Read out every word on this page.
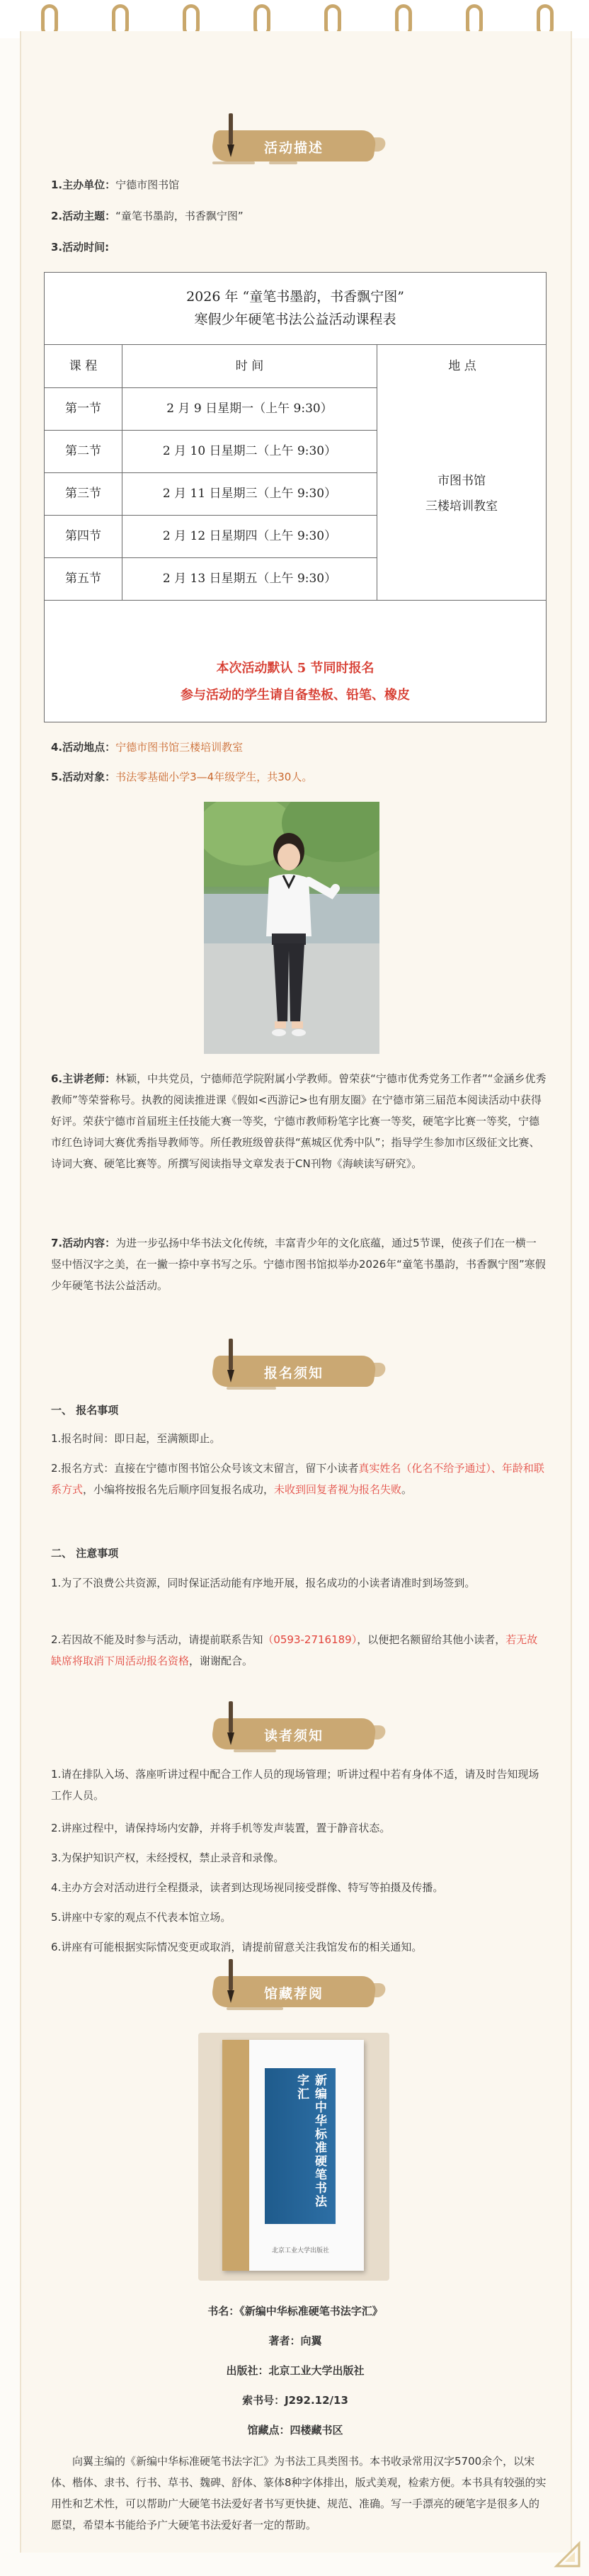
活动描述
1.主办单位：宁德市图书馆
2.活动主题：“童笔书墨韵，书香飘宁图”
3.活动时间:
2026 年 “童笔书墨韵，书香飘宁图”
寒假少年硬笔书法公益活动课程表
课 程	时 间	地 点
第一节	2 月 9 日星期一（上午 9:30）
第二节	2 月 10 日星期二（上午 9:30）
第三节	2 月 11 日星期三（上午 9:30）
第四节	2 月 12 日星期四（上午 9:30）
第五节	2 月 13 日星期五（上午 9:30）
市图书馆
三楼培训教室
本次活动默认 5 节同时报名
参与活动的学生请自备垫板、铅笔、橡皮
4.活动地点：宁德市图书馆三楼培训教室
5.活动对象：书法零基础小学3—4年级学生，共30人。
6.主讲老师：林颖，中共党员，宁德师范学院附属小学教师。曾荣获“宁德市优秀党务工作者”“金涵乡优秀教师”等荣誉称号。执教的阅读推进课《假如<西游记>也有朋友圈》在宁德市第三届范本阅读活动中获得好评。荣获宁德市首届班主任技能大赛一等奖，宁德市教师粉笔字比赛一等奖，硬笔字比赛一等奖，宁德市红色诗词大赛优秀指导教师等。所任教班级曾获得“蕉城区优秀中队”；指导学生参加市区级征文比赛、诗词大赛、硬笔比赛等。所撰写阅读指导文章发表于CN刊物《海峡读写研究》。
7.活动内容：为进一步弘扬中华书法文化传统，丰富青少年的文化底蕴，通过5节课，使孩子们在一横一竖中悟汉字之美，在一撇一捺中享书写之乐。宁德市图书馆拟举办2026年“童笔书墨韵，书香飘宁图”寒假少年硬笔书法公益活动。
报名须知
一、 报名事项
1.报名时间：即日起，至满额即止。
2.报名方式：直接在宁德市图书馆公众号该文末留言，留下小读者真实姓名（化名不给予通过）、年龄和联系方式，小编将按报名先后顺序回复报名成功，未收到回复者视为报名失败。
二、 注意事项
1.为了不浪费公共资源，同时保证活动能有序地开展，报名成功的小读者请准时到场签到。
2.若因故不能及时参与活动，请提前联系告知（0593-2716189），以便把名额留给其他小读者，若无故缺席将取消下周活动报名资格，谢谢配合。
读者须知
1.请在排队入场、落座听讲过程中配合工作人员的现场管理；听讲过程中若有身体不适，请及时告知现场工作人员。
2.讲座过程中，请保持场内安静，并将手机等发声装置，置于静音状态。
3.为保护知识产权，未经授权，禁止录音和录像。
4.主办方会对活动进行全程摄录，读者到达现场视同接受群像、特写等拍摄及传播。
5.讲座中专家的观点不代表本馆立场。
6.讲座有可能根据实际情况变更或取消，请提前留意关注我馆发布的相关通知。
馆藏荐阅
新编中华标准硬笔书法字汇
北京工业大学出版社
书名：《新编中华标准硬笔书法字汇》
著者：向翼
出版社：北京工业大学出版社
索书号：J292.12/13
馆藏点：四楼藏书区
向翼主编的《新编中华标准硬笔书法字汇》为书法工具类图书。本书收录常用汉字5700余个，以宋体、楷体、隶书、行书、草书、魏碑、舒体、篆体8种字体排出，版式美观，检索方便。本书具有较强的实用性和艺术性，可以帮助广大硬笔书法爱好者书写更快捷、规范、准确。写一手漂亮的硬笔字是很多人的愿望，希望本书能给予广大硬笔书法爱好者一定的帮助。
